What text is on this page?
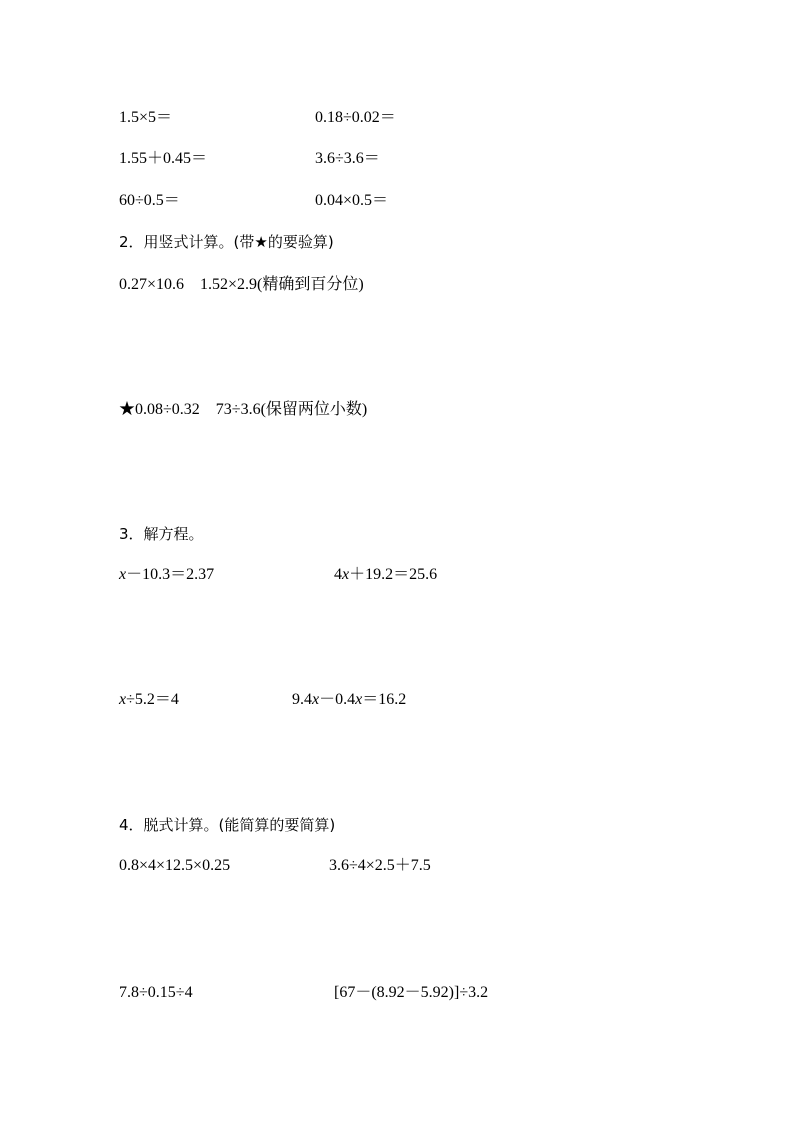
1.5×5＝	0.18÷0.02＝
1.55＋0.45＝	3.6÷3.6＝
60÷0.5＝	0.04×0.5＝
2．用竖式计算。(带★的要验算)
0.27×10.6　1.52×2.9(精确到百分位)
★0.08÷0.32　73÷3.6(保留两位小数)
3．解方程。
x－10.3＝2.37	4x＋19.2＝25.6
x÷5.2＝4	9.4x－0.4x＝16.2
4．脱式计算。(能简算的要简算)
0.8×4×12.5×0.25	3.6÷4×2.5＋7.5
7.8÷0.15÷4	[67－(8.92－5.92)]÷3.2
